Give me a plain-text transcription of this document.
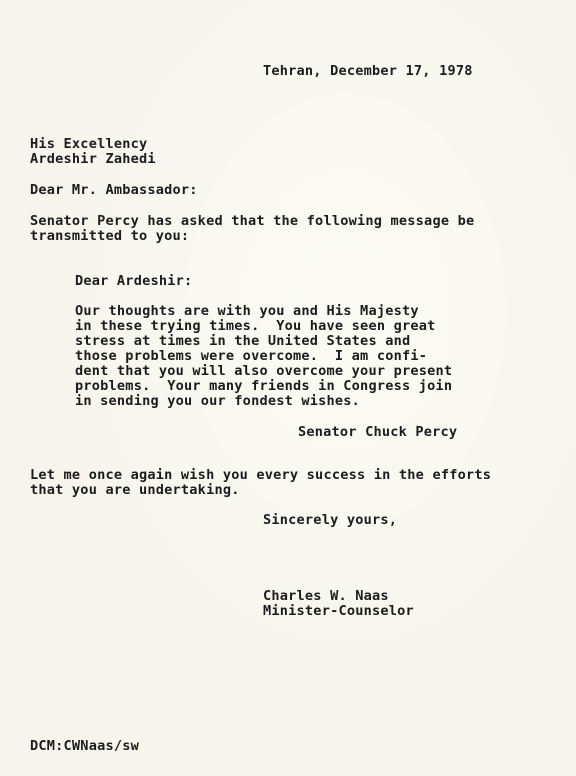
Tehran, December 17, 1978

His Excellency

Ardeshir Zahedi

Dear Mr. Ambassador:

Senator Percy has asked that the following message be

transmitted to you:

Dear Ardeshir:

Our thoughts are with you and His Majesty

in these trying times.  You have seen great

stress at times in the United States and

those problems were overcome.  I am confi-

dent that you will also overcome your present

problems.  Your many friends in Congress join

in sending you our fondest wishes.

Senator Chuck Percy

Let me once again wish you every success in the efforts

that you are undertaking.

Sincerely yours,

Charles W. Naas

Minister-Counselor

DCM:CWNaas/sw
